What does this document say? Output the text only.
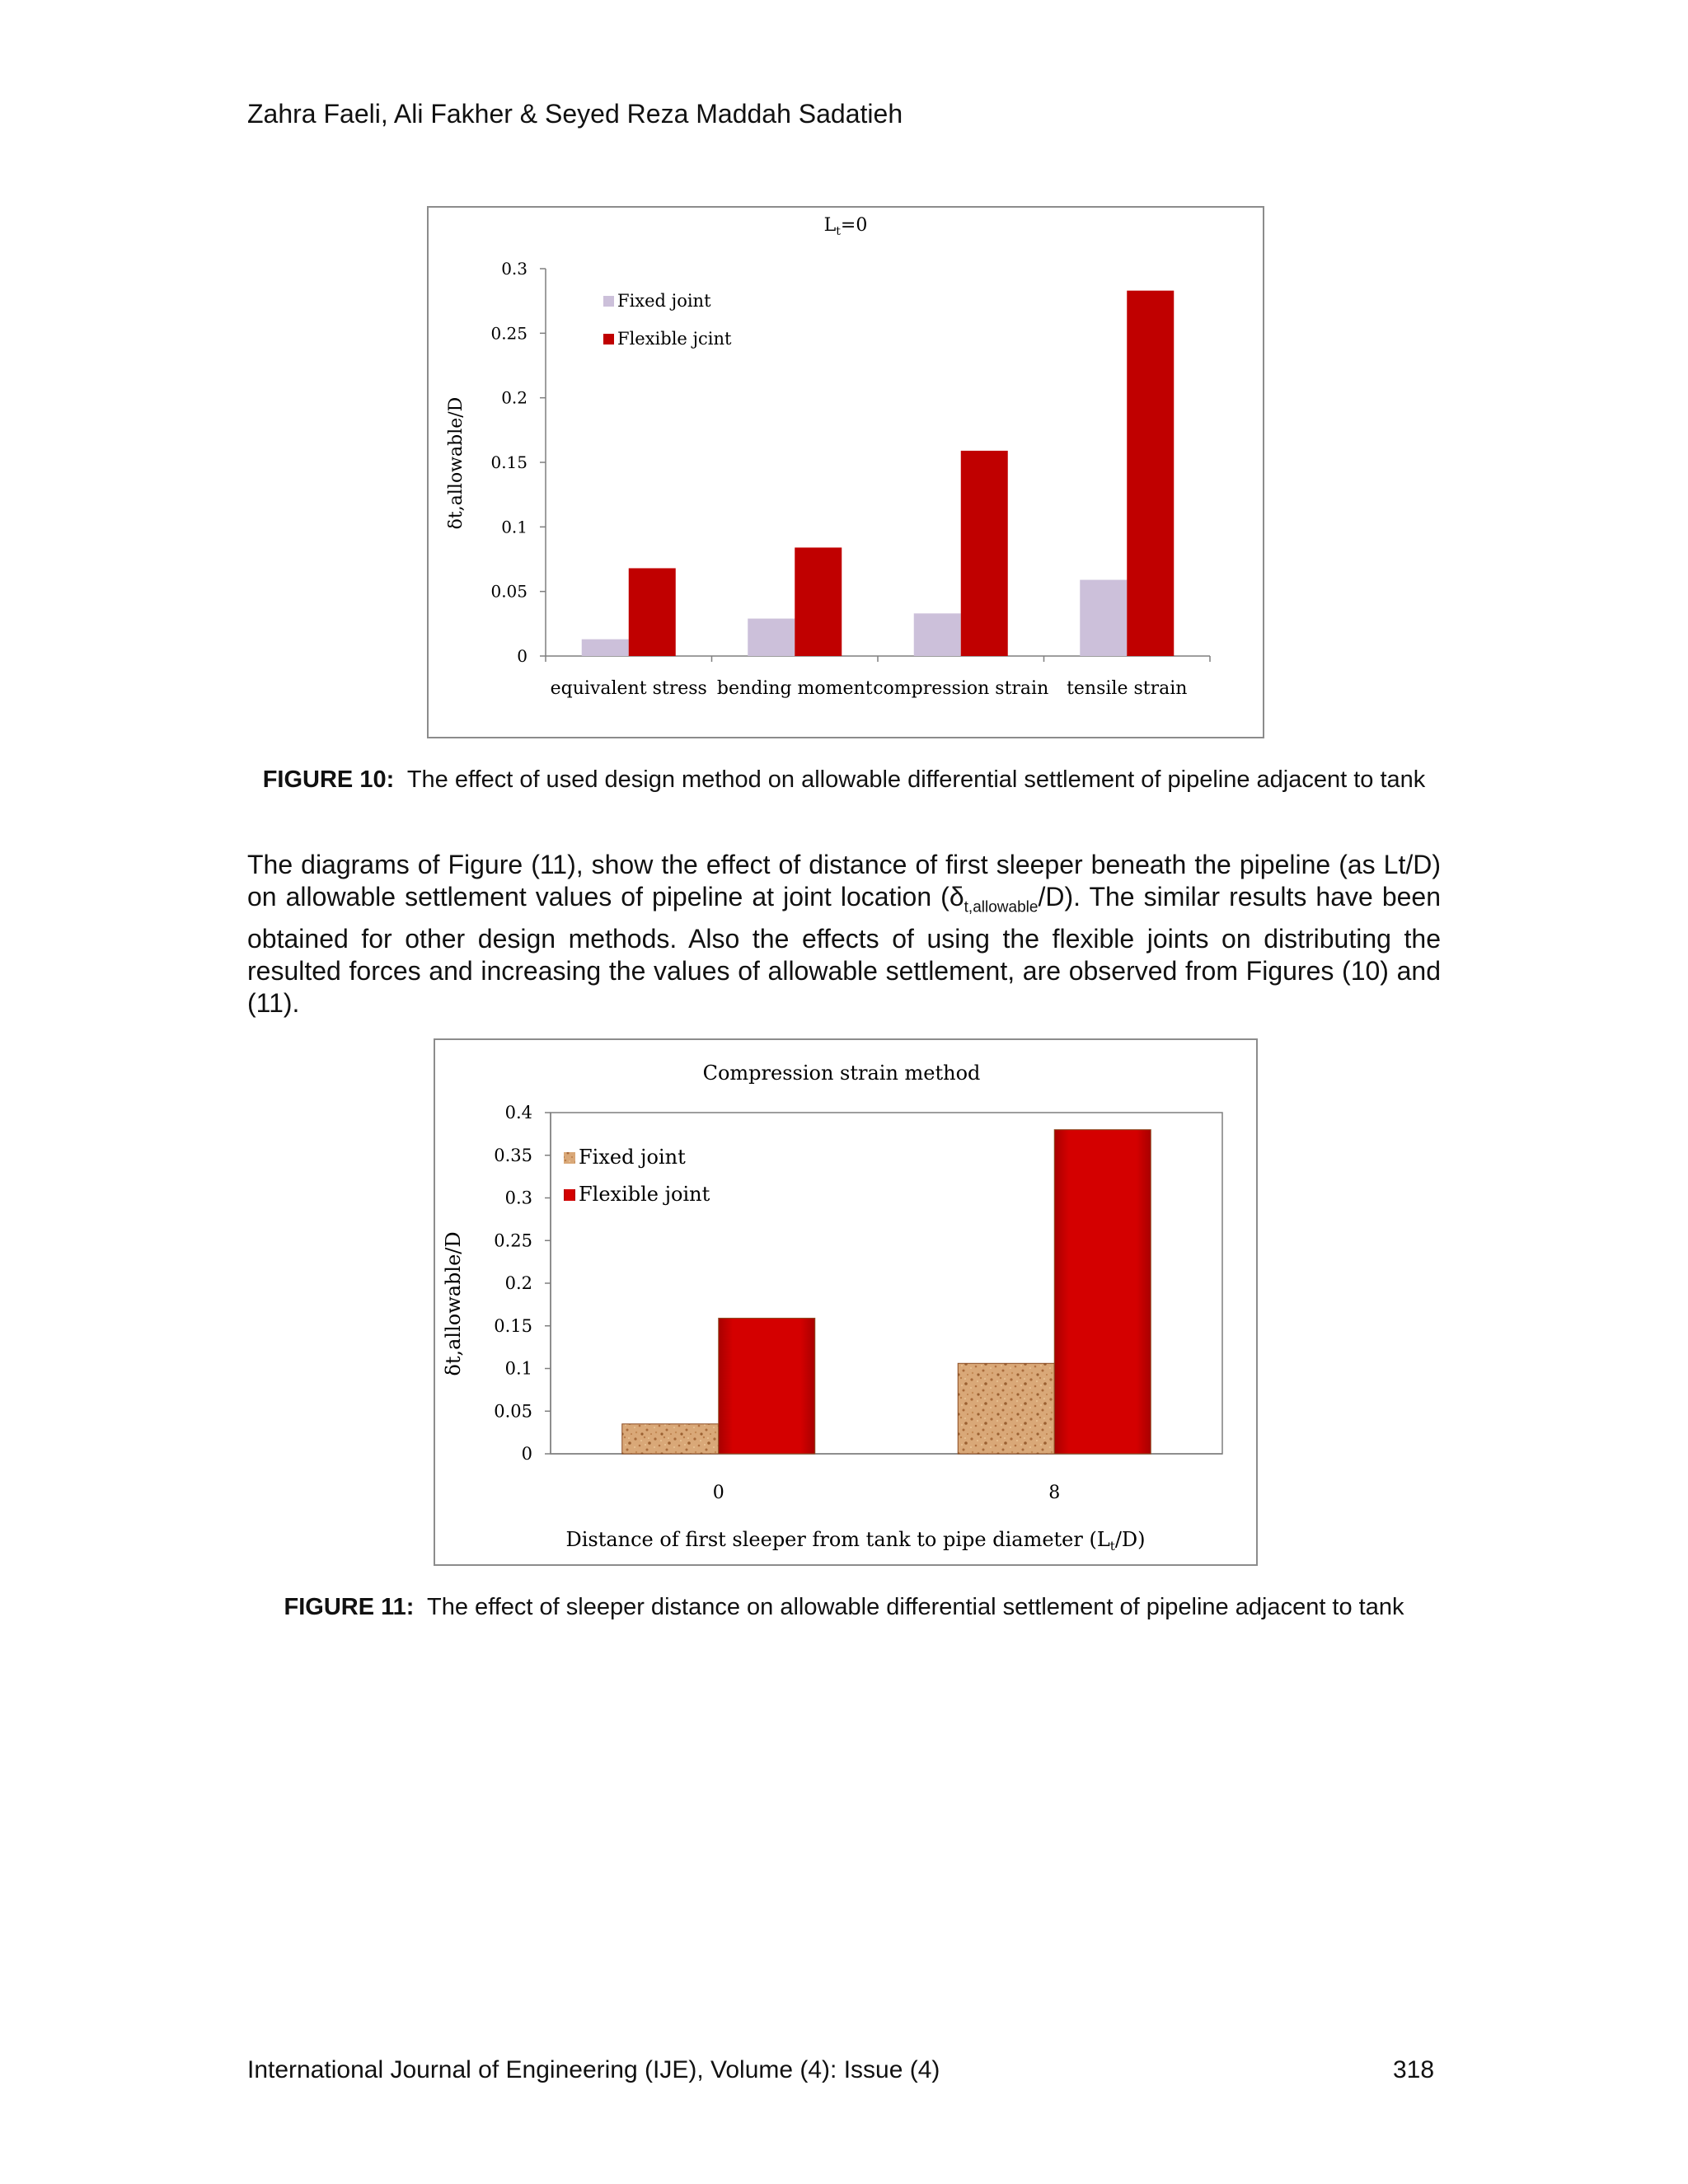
Zahra Faeli, Ali Fakher & Seyed Reza Maddah Sadatieh
$L_t=0$
δt,allowable/D
0
0.05
0.1
0.15
0.2
0.25
0.3
equivalent stress bending moment compression strain tensile strain
Fixed joint
Flexible jcint
FIGURE 10: The effect of used design method on allowable differential settlement of pipeline adjacent to tank
The diagrams of Figure (11), show the effect of distance of first sleeper beneath the pipeline (as Lt/D) on allowable settlement values of pipeline at joint location $(\delta_{t,allowable}/D)$. The similar results have been obtained for other design methods. Also the effects of using the flexible joints on distributing the resulted forces and increasing the values of allowable settlement, are observed from Figures (10) and (11).
Compression strain method
δt,allowable/D
Distance of first sleeper from tank to pipe diameter $(L_t/D)$
0
0.05
0.1
0.15
0.2
0.25
0.3
0.35
0.4
0	8
Fixed joint
Flexible joint
FIGURE 11: The effect of sleeper distance on allowable differential settlement of pipeline adjacent to tank
International Journal of Engineering (IJE), Volume (4): Issue (4)	318
